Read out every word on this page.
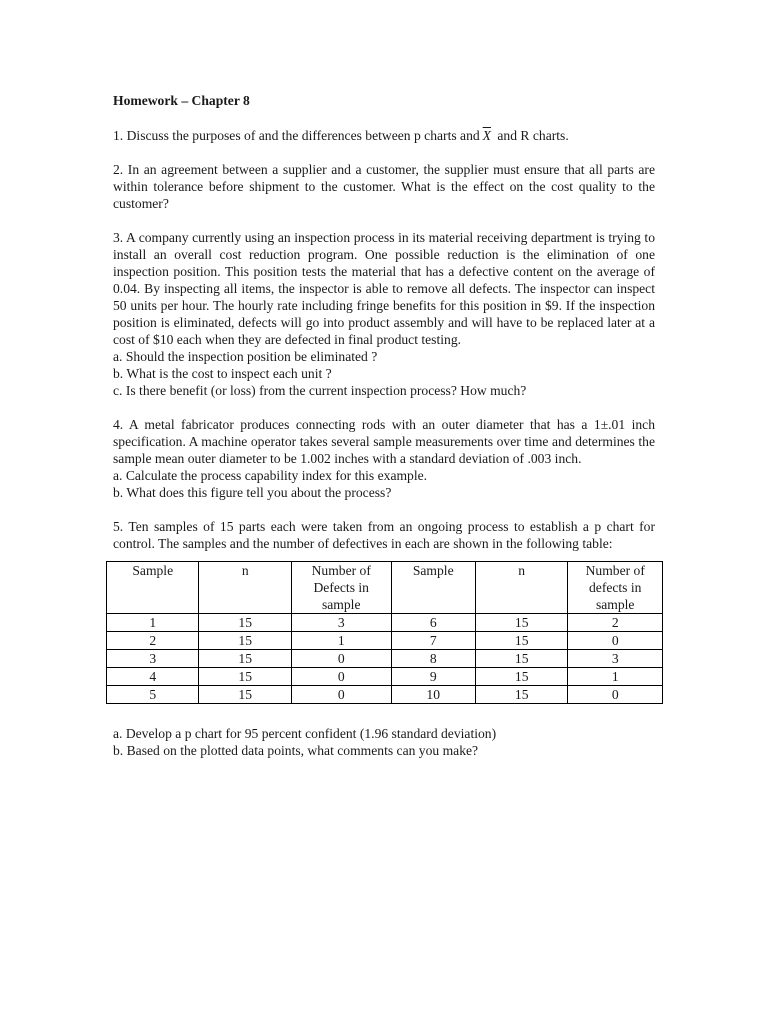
Homework – Chapter 8
1. Discuss the purposes of and the differences between p charts and $\overline{X}$ and R charts.

2. In an agreement between a supplier and a customer, the supplier must ensure that all parts are within tolerance before shipment to the customer. What is the effect on the cost quality to the customer?

3. A company currently using an inspection process in its material receiving department is trying to install an overall cost reduction program. One possible reduction is the elimination of one inspection position. This position tests the material that has a defective content on the average of 0.04. By inspecting all items, the inspector is able to remove all defects. The inspector can inspect 50 units per hour. The hourly rate including fringe benefits for this position in $9. If the inspection position is eliminated, defects will go into product assembly and will have to be replaced later at a cost of $10 each when they are defected in final product testing.

a. Should the inspection position be eliminated ?

b. What is the cost to inspect each unit ?

c. Is there benefit (or loss) from the current inspection process? How much?

4. A metal fabricator produces connecting rods with an outer diameter that has a 1±.01 inch specification. A machine operator takes several sample measurements over time and determines the sample mean outer diameter to be 1.002 inches with a standard deviation of .003 inch.

a. Calculate the process capability index for this example.

b. What does this figure tell you about the process?

5. Ten samples of 15 parts each were taken from an ongoing process to establish a p chart for control. The samples and the number of defectives in each are shown in the following table:

Sample	n	Number of Defects in sample	Sample	n	Number of defects in sample
1	15	3	6	15	2
2	15	1	7	15	0
3	15	0	8	15	3
4	15	0	9	15	1
5	15	0	10	15	0

a. Develop a p chart for 95 percent confident (1.96 standard deviation)

b. Based on the plotted data points, what comments can you make?
